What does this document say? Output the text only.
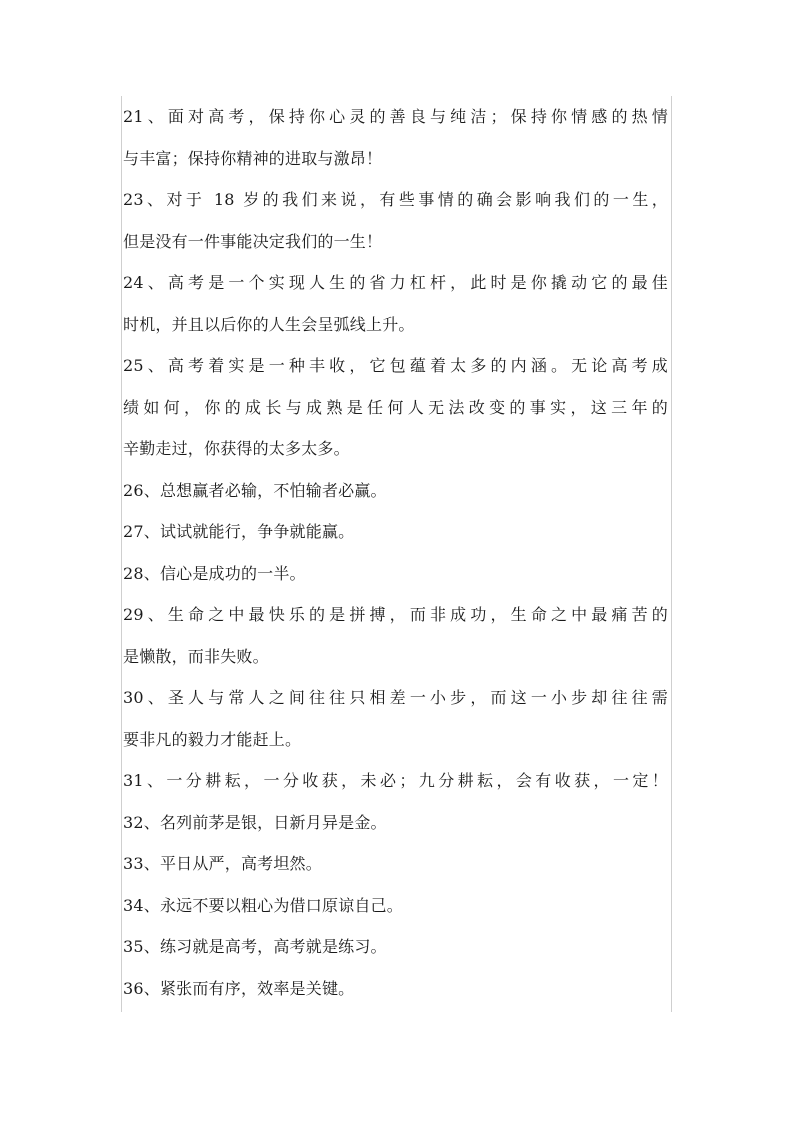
21、面对高考，保持你心灵的善良与纯洁；保持你情感的热情
与丰富；保持你精神的进取与激昂！
23、对于 18 岁的我们来说，有些事情的确会影响我们的一生，
但是没有一件事能决定我们的一生！
24、高考是一个实现人生的省力杠杆，此时是你撬动它的最佳
时机，并且以后你的人生会呈弧线上升。
25、高考着实是一种丰收，它包蕴着太多的内涵。无论高考成
绩如何，你的成长与成熟是任何人无法改变的事实，这三年的
辛勤走过，你获得的太多太多。
26、总想赢者必输，不怕输者必赢。
27、试试就能行，争争就能赢。
28、信心是成功的一半。
29、生命之中最快乐的是拼搏，而非成功，生命之中最痛苦的
是懒散，而非失败。
30、圣人与常人之间往往只相差一小步，而这一小步却往往需
要非凡的毅力才能赶上。
31、一分耕耘，一分收获，未必；九分耕耘，会有收获，一定！
32、名列前茅是银，日新月异是金。
33、平日从严，高考坦然。
34、永远不要以粗心为借口原谅自己。
35、练习就是高考，高考就是练习。
36、紧张而有序，效率是关键。
